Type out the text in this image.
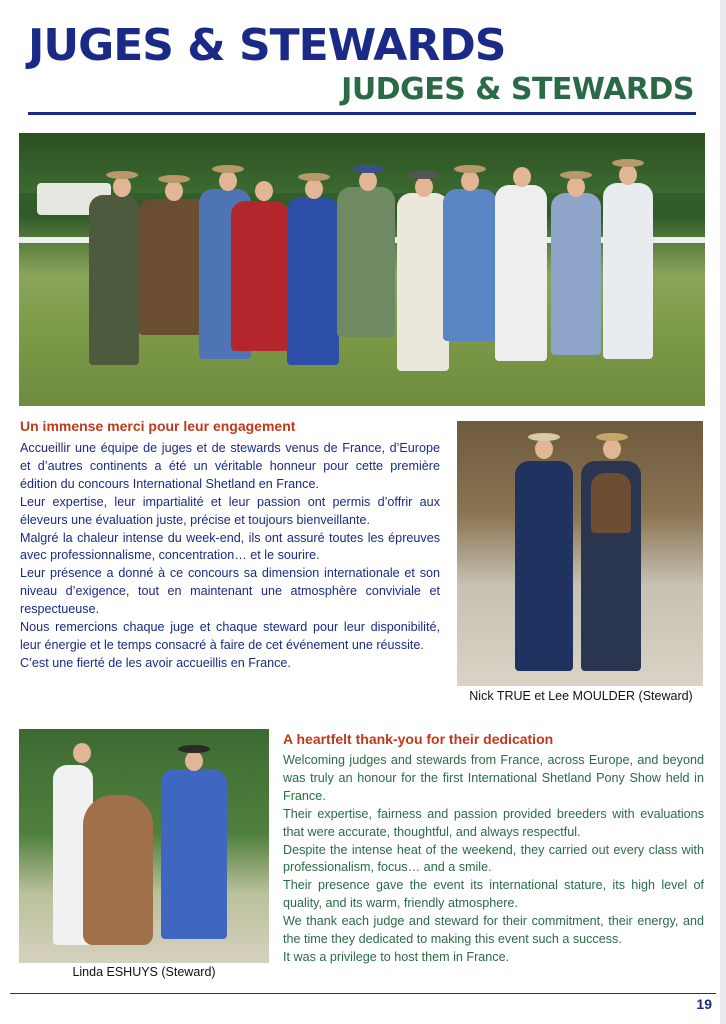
JUGES & STEWARDS
JUDGES & STEWARDS
Un immense merci pour leur engagement

Accueillir une équipe de juges et de stewards venus de France, d’Europe et d’autres continents a été un véritable honneur pour cette première édition du concours International Shetland en France.

Leur expertise, leur impartialité et leur passion ont permis d’offrir aux éleveurs une évaluation juste, précise et toujours bienveillante.

Malgré la chaleur intense du week-end, ils ont assuré toutes les épreuves avec professionnalisme, concentration… et le sourire.

Leur présence a donné à ce concours sa dimension internationale et son niveau d’exigence, tout en maintenant une atmosphère conviviale et respectueuse.

Nous remercions chaque juge et chaque steward pour leur disponibilité, leur énergie et le temps consacré à faire de cet événement une réussite.

C’est une fierté de les avoir accueillis en France.

Nick TRUE et Lee MOULDER (Steward)

Linda ESHUYS (Steward)

A heartfelt thank-you for their dedication

Welcoming judges and stewards from France, across Europe, and beyond was truly an honour for the first International Shetland Pony Show held in France.

Their expertise, fairness and passion provided breeders with evaluations that were accurate, thoughtful, and always respectful.

Despite the intense heat of the weekend, they carried out every class with professionalism, focus… and a smile.

Their presence gave the event its international stature, its high level of quality, and its warm, friendly atmosphere.

We thank each judge and steward for their commitment, their energy, and the time they dedicated to making this event such a success.

It was a privilege to host them in France.

19
